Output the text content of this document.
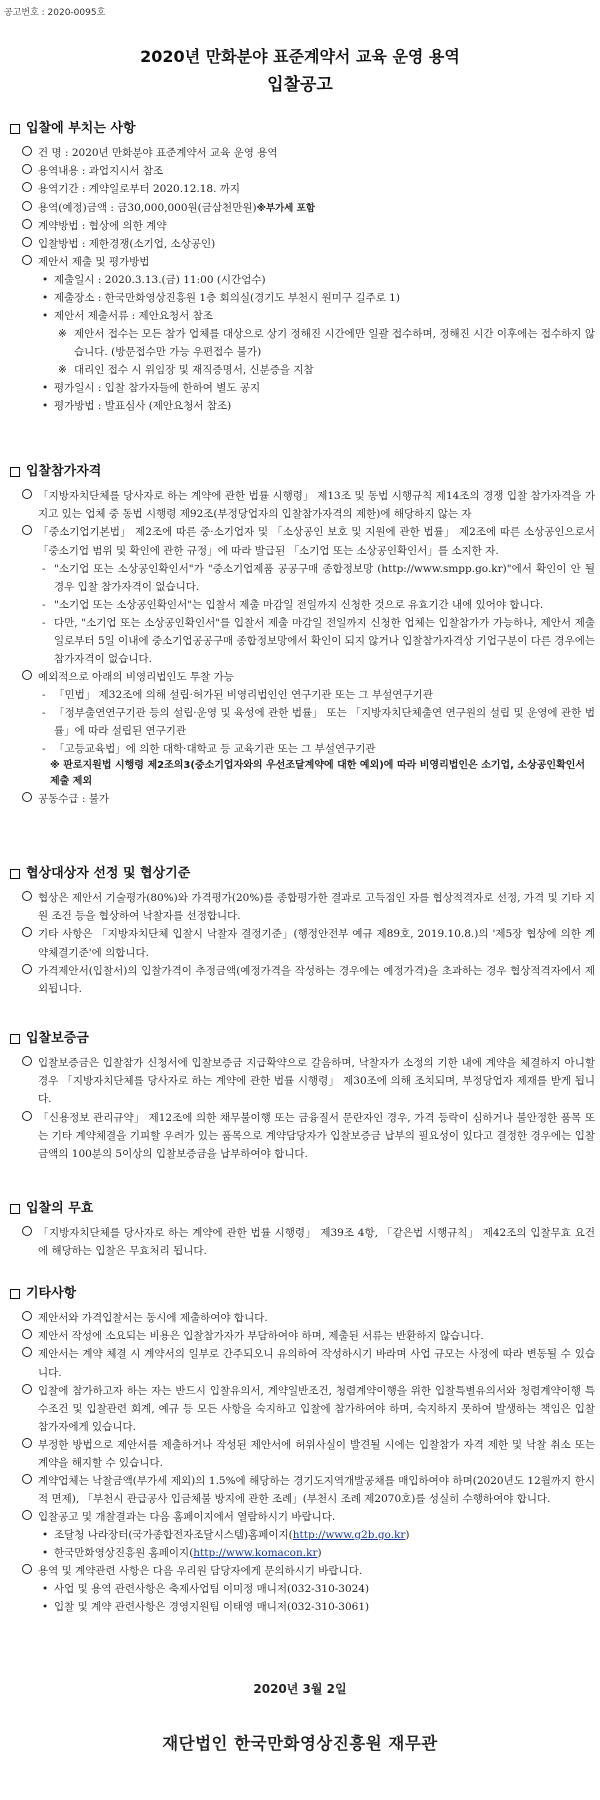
공고번호 : 2020-0095호
2020년 만화분야 표준계약서 교육 운영 용역
입찰공고
입찰에 부치는 사항
건 명 : 2020년 만화분야 표준계약서 교육 운영 용역
용역내용 : 과업지시서 참조
용역기간 : 계약일로부터 2020.12.18. 까지
용역(예정)금액 : 금30,000,000원(금삼천만원)※부가세 포함
계약방법 : 협상에 의한 계약
입찰방법 : 제한경쟁(소기업, 소상공인)
제안서 제출 및 평가방법
• 제출일시 : 2020.3.13.(금) 11:00 (시간엄수)
• 제출장소 : 한국만화영상진흥원 1층 회의실(경기도 부천시 원미구 길주로 1)
• 제안서 제출서류 : 제안요청서 참조
※ 제안서 접수는 모든 참가 업체를 대상으로 상기 정해진 시간에만 일괄 접수하며, 정해진 시간 이후에는 접수하지 않습니다. (방문접수만 가능 우편접수 불가)
※ 대리인 접수 시 위임장 및 재직증명서, 신분증을 지참
• 평가일시 : 입찰 참가자들에 한하여 별도 공지
• 평가방법 : 발표심사 (제안요청서 참조)
입찰참가자격
「지방자치단체를 당사자로 하는 계약에 관한 법률 시행령」 제13조 및 동법 시행규칙 제14조의 경쟁 입찰 참가자격을 가지고 있는 업체 중 동법 시행령 제92조(부정당업자의 입찰참가자격의 제한)에 해당하지 않는 자
「중소기업기본법」 제2조에 따른 중·소기업자 및 「소상공인 보호 및 지원에 관한 법률」 제2조에 따른 소상공인으로서 「중소기업 범위 및 확인에 관한 규정」에 따라 발급된 「소기업 또는 소상공인확인서」를 소지한 자.
- "소기업 또는 소상공인확인서"가 "중소기업제품 공공구매 종합정보망 (http://www.smpp.go.kr)"에서 확인이 안 될 경우 입찰 참가자격이 없습니다.
- "소기업 또는 소상공인확인서"는 입찰서 제출 마감일 전일까지 신청한 것으로 유효기간 내에 있어야 합니다.
- 다만, "소기업 또는 소상공인확인서"를 입찰서 제출 마감일 전일까지 신청한 업체는 입찰참가가 가능하나, 제안서 제출일로부터 5일 이내에 중소기업공공구매 종합정보망에서 확인이 되지 않거나 입찰참가자격상 기업구분이 다른 경우에는 참가자격이 없습니다.
예외적으로 아래의 비영리법인도 투찰 가능
- 「민법」 제32조에 의해 설립·허가된 비영리법인인 연구기관 또는 그 부설연구기관
- 「정부출연연구기관 등의 설립·운영 및 육성에 관한 법률」 또는 「지방자치단체출연 연구원의 설립 및 운영에 관한 법률」에 따라 설립된 연구기관
- 「고등교육법」에 의한 대학·대학교 등 교육기관 또는 그 부설연구기관
※ 판로지원법 시행령 제2조의3(중소기업자와의 우선조달계약에 대한 예외)에 따라 비영리법인은 소기업, 소상공인확인서 제출 제외
공동수급 : 불가
협상대상자 선정 및 협상기준
협상은 제안서 기술평가(80%)와 가격평가(20%)를 종합평가한 결과로 고득점인 자를 협상적격자로 선정, 가격 및 기타 지원 조건 등을 협상하여 낙찰자를 선정합니다.
기타 사항은 「지방자치단체 입찰시 낙찰자 결정기준」(행정안전부 예규 제89호, 2019.10.8.)의 '제5장 협상에 의한 계약체결기준'에 의합니다.
가격제안서(입찰서)의 입찰가격이 추정금액(예정가격을 작성하는 경우에는 예정가격)을 초과하는 경우 협상적격자에서 제외됩니다.
입찰보증금
입찰보증금은 입찰참가 신청서에 입찰보증금 지급확약으로 갈음하며, 낙찰자가 소정의 기한 내에 계약을 체결하지 아니할 경우 「지방자치단체를 당사자로 하는 계약에 관한 법률 시행령」 제30조에 의해 조치되며, 부정당업자 제재를 받게 됩니다.
「신용정보 관리규약」 제12조에 의한 채무불이행 또는 금융질서 문란자인 경우, 가격 등락이 심하거나 불안정한 품목 또는 기타 계약체결을 기피할 우려가 있는 품목으로 계약담당자가 입찰보증금 납부의 필요성이 있다고 결정한 경우에는 입찰금액의 100분의 5이상의 입찰보증금을 납부하여야 합니다.
입찰의 무효
「지방자치단체를 당사자로 하는 계약에 관한 법률 시행령」 제39조 4항, 「같은법 시행규칙」 제42조의 입찰무효 요건에 해당하는 입찰은 무효처리 됩니다.
기타사항
제안서와 가격입찰서는 동시에 제출하여야 합니다.
제안서 작성에 소요되는 비용은 입찰참가자가 부담하여야 하며, 제출된 서류는 반환하지 않습니다.
제안서는 계약 체결 시 계약서의 일부로 간주되오니 유의하여 작성하시기 바라며 사업 규모는 사정에 따라 변동될 수 있습니다.
입찰에 참가하고자 하는 자는 반드시 입찰유의서, 계약일반조건, 청렴계약이행을 위한 입찰특별유의서와 청렴계약이행 특수조건 및 입찰관련 회계, 예규 등 모든 사항을 숙지하고 입찰에 참가하여야 하며, 숙지하지 못하여 발생하는 책임은 입찰참가자에게 있습니다.
부정한 방법으로 제안서를 제출하거나 작성된 제안서에 허위사실이 발견될 시에는 입찰참가 자격 제한 및 낙찰 취소 또는 계약을 해지할 수 있습니다.
계약업체는 낙찰금액(부가세 제외)의 1.5%에 해당하는 경기도지역개발공채를 매입하여야 하며(2020년도 12월까지 한시적 면제), 「부천시 관급공사 입금체불 방지에 관한 조례」(부천시 조례 제2070호)를 성실히 수행하여야 합니다.
입찰공고 및 개찰결과는 다음 홈페이지에서 열람하시기 바랍니다.
• 조달청 나라장터(국가종합전자조달시스템)홈페이지(http://www.g2b.go.kr)
• 한국만화영상진흥원 홈페이지(http://www.komacon.kr)
용역 및 계약관련 사항은 다음 우리원 담당자에게 문의하시기 바랍니다.
• 사업 및 용역 관련사항은 축제사업팀 이미정 매니저(032-310-3024)
• 입찰 및 계약 관련사항은 경영지원팀 이태영 매니저(032-310-3061)
2020년 3월 2일
재단법인 한국만화영상진흥원 재무관
